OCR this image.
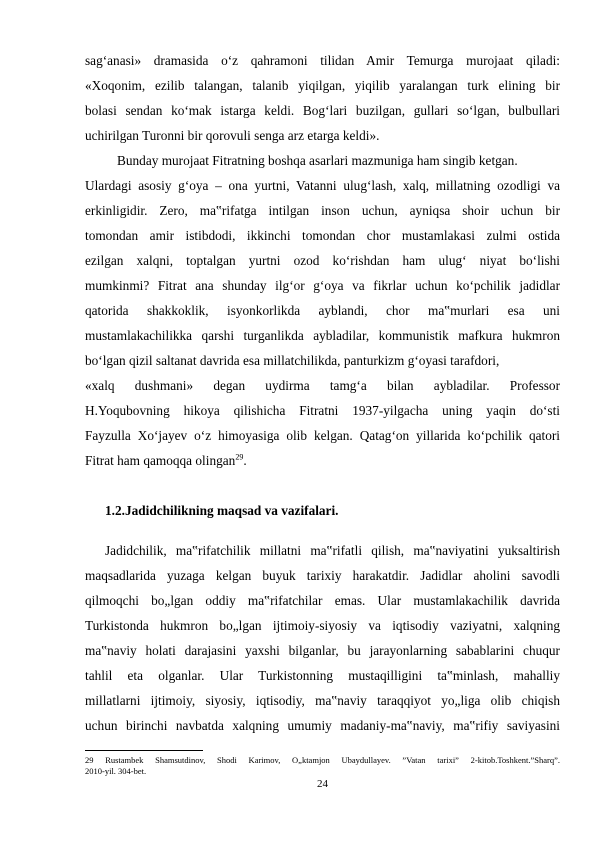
sag‘anasi» dramasida o‘z qahramoni tilidan Amir Temurga murojaat qiladi:
«Xoqonim, ezilib talangan, talanib yiqilgan, yiqilib yaralangan turk elining bir
bolasi sendan ko‘mak istarga keldi. Bog‘lari buzilgan, gullari so‘lgan, bulbullari
uchirilgan Turonni bir qorovuli senga arz etarga keldi».
Bunday murojaat Fitratning boshqa asarlari mazmuniga ham singib ketgan.
Ulardagi asosiy g‘oya – ona yurtni, Vatanni ulug‘lash, xalq, millatning ozodligi va
erkinligidir. Zero, ma‟rifatga intilgan inson uchun, ayniqsa shoir uchun bir
tomondan amir istibdodi, ikkinchi tomondan chor mustamlakasi zulmi ostida
ezilgan xalqni, toptalgan yurtni ozod ko‘rishdan ham ulug‘ niyat bo‘lishi
mumkinmi? Fitrat ana shunday ilg‘or g‘oya va fikrlar uchun ko‘pchilik jadidlar
qatorida shakkoklik, isyonkorlikda ayblandi, chor ma‟murlari esa uni
mustamlakachilikka qarshi turganlikda aybladilar, kommunistik mafkura hukmron
bo‘lgan qizil saltanat davrida esa millatchilikda, panturkizm g‘oyasi tarafdori,
«xalq dushmani» degan uydirma tamg‘a bilan aybladilar. Professor
H.Yoqubovning hikoya qilishicha Fitratni 1937-yilgacha uning yaqin do‘sti
Fayzulla Xo‘jayev o‘z himoyasiga olib kelgan. Qatag‘on yillarida ko‘pchilik qatori
Fitrat ham qamoqqa olingan$^{29}$.
1.2.Jadidchilikning maqsad va vazifalari.
Jadidchilik, ma‟rifatchilik millatni ma‟rifatli qilish, ma‟naviyatini yuksaltirish
maqsadlarida yuzaga kelgan buyuk tarixiy harakatdir. Jadidlar aholini savodli
qilmoqchi bo„lgan oddiy ma‟rifatchilar emas. Ular mustamlakachilik davrida
Turkistonda hukmron bo„lgan ijtimoiy-siyosiy va iqtisodiy vaziyatni, xalqning
ma‟naviy holati darajasini yaxshi bilganlar, bu jarayonlarning sabablarini chuqur
tahlil eta olganlar. Ular Turkistonning mustaqilligini ta‟minlash, mahalliy
millatlarni ijtimoiy, siyosiy, iqtisodiy, ma‟naviy taraqqiyot yo„liga olib chiqish
uchun birinchi navbatda xalqning umumiy madaniy-ma‟naviy, ma‟rifiy saviyasini
29 Rustambek Shamsutdinov, Shodi Karimov, O„ktamjon Ubaydullayev. ”Vatan tarixi” 2-kitob.Toshkent.”Sharq”.
2010-yil. 304-bet.
24
